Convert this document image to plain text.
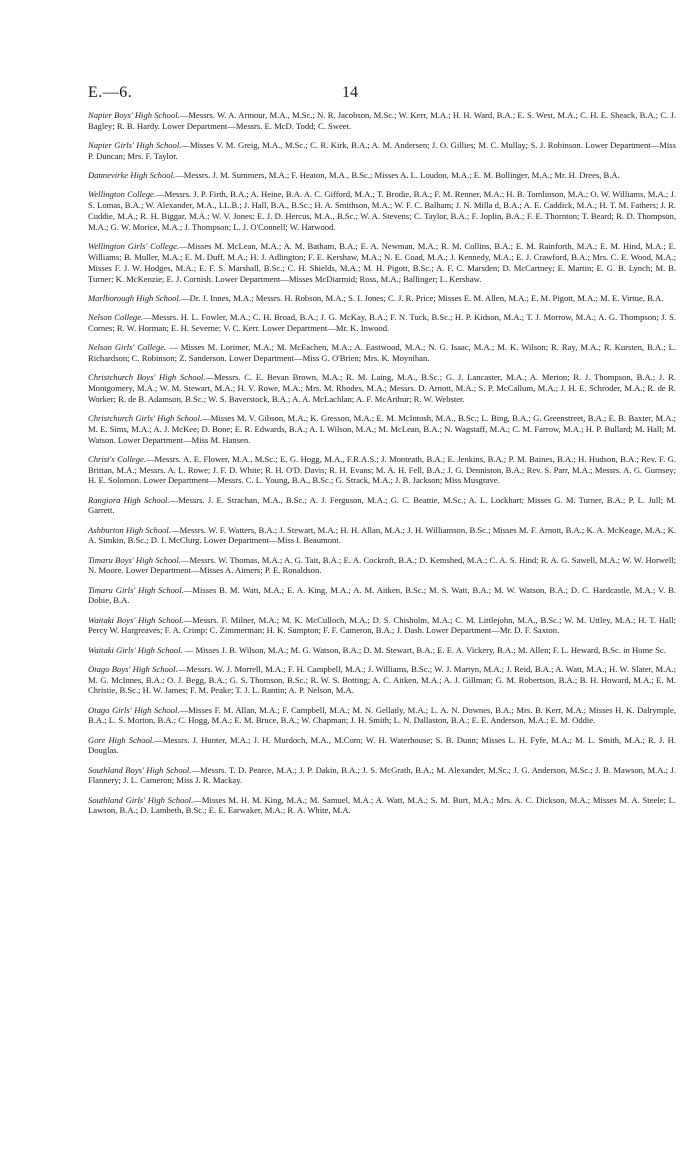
E.—6.	14

Napier Boys' High School.—Messrs. W. A. Armour, M.A., M.Sc.; N. R. Jacobson, M.Sc.; W. Kerr, M.A.; H. H. Ward, B.A.; E. S. West, M.A.; C. H. E. Sheack, B.A.; C. J. Bagley; R. B. Hardy. Lower Department—Messrs. E. McD. Todd; C. Sweet.

Napier Girls' High School.—Misses V. M. Greig, M.A., M.Sc.; C. R. Kirk, B.A.; A. M. Andersen; J. O. Gillies; M. C. Mullay; S. J. Robinson. Lower Department—Miss P. Duncan; Mrs. F. Taylor.

Dannevirke High School.—Messrs. J. M. Summers, M.A.; F. Heaton, M.A., B.Sc.; Misses A. L. Loudon, M.A.; E. M. Bollinger, M.A.; Mr. H. Drees, B.A.

Wellington College.—Messrs. J. P. Firth, B.A.; A. Heine, B.A. A. C. Gifford, M.A.; T. Brodie, B.A.; F. M. Renner, M.A.; H. B. Tomlinson, M.A.; O. W. Williams, M.A.; J. S. Lomas, B.A.; W. Alexander, M.A., LL.B.; J. Hall, B.A., B.Sc.; H. A. Smithson, M.A.; W. F. C. Balham; J. N. Milla d, B.A.; A. E. Caddick, M.A.; H. T. M. Fathers; J. R. Cuddie, M.A.; R. H. Biggar, M.A.; W. V. Jones; E. J. D. Hercus, M.A., B.Sc.; W. A. Stevens; C. Taylor, B.A.; F. Joplin, B.A.; F. E. Thornton; T. Beard; R. D. Thompson, M.A.; G. W. Morice, M.A.; J. Thompson; L. J. O'Connell; W. Harwood.

Wellington Girls' College.—Misses M. McLean, M.A.; A. M. Batham, B.A.; E. A. Newman, M.A.; R. M. Collins, B.A.; E. M. Rainforth, M.A.; E. M. Hind, M.A.; E. Williams; B. Muller, M.A.; E. M. Duff, M.A.; H. J. Adlington; F. E. Kershaw, M.A.; N. E. Coad, M.A.; J. Kennedy, M.A.; E. J. Crawford, B.A.; Mrs. C. E. Wood, M.A.; Misses F. J. W. Hodges, M.A.; E. F. S. Marshall, B.Sc.; C. H. Shields, M.A.; M. H. Pigott, B.Sc.; A. F. C. Marsden; D. McCartney; E. Martin; E. G. B. Lynch; M. B. Turner; K. McKenzie; E. J. Cornish. Lower Department—Misses McDiarmid; Ross, M.A.; Ballinger; L. Kershaw.

Marlborough High School.—Dr. J. Innes, M.A.; Messrs. H. Robson, M.A.; S. I. Jones; C. J. R. Price; Misses E. M. Allen, M.A.; E. M. Pigott, M.A.; M. E. Virtue, B.A.

Nelson College.—Messrs. H. L. Fowler, M.A.; C. H. Broad, B.A.; J. G. McKay, B.A.; F. N. Tuck, B.Sc.; H. P. Kidson, M.A.; T. J. Morrow, M.A.; A. G. Thompson; J. S. Cornes; R. W. Horman; E. H. Severne; V. C. Kerr. Lower Department—Mr. K. Inwood.

Nelson Girls' College. — Misses M. Lorimer, M.A.; M. McEachen, M.A.; A. Eastwood, M.A.; N. G. Isaac, M.A.; M. K. Wilson; R. Ray, M.A.; R. Kursten, B.A.; L. Richardson; C. Robinson; Z. Sanderson. Lower Department—Miss G. O'Brien; Mrs. K. Moynihan.

Christchurch Boys' High School.—Messrs. C. E. Bevan Brown, M.A.; R. M. Laing, M.A., B.Sc.; G. J. Lancaster, M.A.; A. Merton; R. J. Thompson, B.A.; J. R. Montgomery, M.A.; W. M. Stewart, M.A.; H. V. Rowe, M.A.; Mrs. M. Rhodes, M.A.; Messrs. D. Arnott, M.A.; S. P. McCallum, M.A.; J. H. E. Schroder, M.A.; R. de R. Worker; R. de B. Adamson, B.Sc.; W. S. Baverstock, B.A.; A. A. McLachlan; A. F. McArthur; R. W. Webster.

Christchurch Girls' High School.—Misses M. V. Gibson, M.A.; K. Gresson, M.A.; E. M. McIntosh, M.A., B.Sc.; L. Bing, B.A.; G. Greenstreet, B.A.; E. B. Baxter, M.A.; M. E. Sims, M.A.; A. J. McKee; D. Bone; E. R. Edwards, B.A.; A. I. Wilson, M.A.; M. McLean, B.A.; N. Wagstaff, M.A.; C. M. Farrow, M.A.; H. P. Bullard; M. Hall; M. Watson. Lower Department—Miss M. Hansen.

Christ's College.—Messrs. A. E. Flower, M.A., M.Sc.; E. G. Hogg, M.A., F.R.A.S.; J. Monteath, B.A.; E. Jenkins, B.A.; P. M. Baines, B.A.; H. Hudson, B.A.; Rev. F. G. Brittan, M.A.; Messrs. A. L. Rowe; J. F. D. White; R. H. O'D. Davis; R. H. Evans; M. A. H. Fell, B.A.; J. G. Denniston, B.A.; Rev. S. Parr, M.A.; Messrs. A. G. Gurnsey; H. E. Solomon. Lower Department—Messrs. C. L. Young, B.A., B.Sc.; G. Strack, M.A.; J. B. Jackson; Miss Musgrave.

Rangiora High School.—Messrs. J. E. Strachan, M.A., B.Sc.; A. J. Ferguson, M.A.; G. C. Beattie, M.Sc.; A. L. Lockhart; Misses G. M. Turner, B.A.; P. L. Jull; M. Garrett.

Ashburton High School.—Messrs. W. F. Watters, B.A.; J. Stewart, M.A.; H. H. Allan, M.A.; J. H. Williamson, B.Sc.; Misses M. F. Arnott, B.A.; K. A. McKeage, M.A.; K. A. Simkin, B.Sc.; D. I. McClurg. Lower Department—Miss I. Beaumont.

Timaru Boys' High School.—Messrs. W. Thomas, M.A.; A. G. Tait, B.A.; E. A. Cockroft, B.A.; D. Kemshed, M.A.; C. A. S. Hind; R. A. G. Sawell, M.A.; W. W. Horwell; N. Moore. Lower Department—Misses A. Aimers; P. E. Ronaldson.

Timaru Girls' High School.—Misses B. M. Watt, M.A.; E. A. King, M.A.; A. M. Aitken, B.Sc.; M. S. Watt, B.A.; M. W. Watson, B.A.; D. C. Hardcastle, M.A.; V. B. Dobie, B.A.

Waitaki Boys' High School.—Messrs. F. Milner, M.A.; M. K. McCulloch, M.A.; D. S. Chisholm, M.A.; C. M. Littlejohn, M.A., B.Sc.; W. M. Uttley, M.A.; H. T. Hall; Percy W. Hargreaves; F. A. Crimp; C. Zimmerman; H. K. Sumpton; F. F. Cameron, B.A.; J. Dash. Lower Department—Mr. D. F. Saxton.

Waitaki Girls' High School. — Misses J. B. Wilson, M.A.; M. G. Watson, B.A.; D. M. Stewart, B.A.; E. E. A. Vickery, B.A.; M. Allen; F. L. Heward, B.Sc. in Home Sc.

Otago Boys' High School.—Messrs. W. J. Morrell, M.A.; F. H. Campbell, M.A.; J. Williams, B.Sc.; W. J. Martyn, M.A.; J. Reid, B.A.; A. Watt, M.A.; H. W. Slater, M.A.; M. G. McInnes, B.A.; O. J. Begg, B.A.; G. S. Thomson, B.Sc.; R. W. S. Botting; A. C. Aitken, M.A.; A. J. Gillman; G. M. Robertson, B.A.; B. H. Howard, M.A.; E. M. Christie, B.Sc.; H. W. James; F. M. Peake; T. J. L. Rantin; A. P. Nelson, M.A.

Otago Girls' High School.—Misses F. M. Allan, M.A.; F. Campbell, M.A.; M. N. Gellatly, M.A.; L. A. N. Downes, B.A.; Mrs. B. Kerr, M.A.; Misses H. K. Dalrymple, B.A.; L. S. Morton, B.A.; C. Hogg, M.A.; E. M. Bruce, B.A.; W. Chapman; J. H. Smith; L. N. Dallaston, B.A.; E. E. Anderson, M.A.; E. M. Oddie.

Gore High School.—Messrs. J. Hunter, M.A.; J. H. Murdoch, M.A., M.Com; W. H. Waterhouse; S. B. Dunn; Misses L. H. Fyfe, M.A.; M. L. Smith, M.A.; R. J. H. Douglas.

Southland Boys' High School.—Messrs. T. D. Pearce, M.A.; J. P. Dakin, B.A.; J. S. McGrath, B.A.; M. Alexander, M.Sc.; J. G. Anderson, M.Sc.; J. B. Mawson, M.A.; J. Flannery; J. L. Cameron; Miss J. R. Mackay.

Southland Girls' High School.—Misses M. H. M. King, M.A.; M. Samuel, M.A.; A. Watt, M.A.; S. M. Burt, M.A.; Mrs. A. C. Dickson, M.A.; Misses M. A. Steele; L. Lawson, B.A.; D. Lambeth, B.Sc.; E. E. Earwaker, M.A.; R. A. White, M.A.
